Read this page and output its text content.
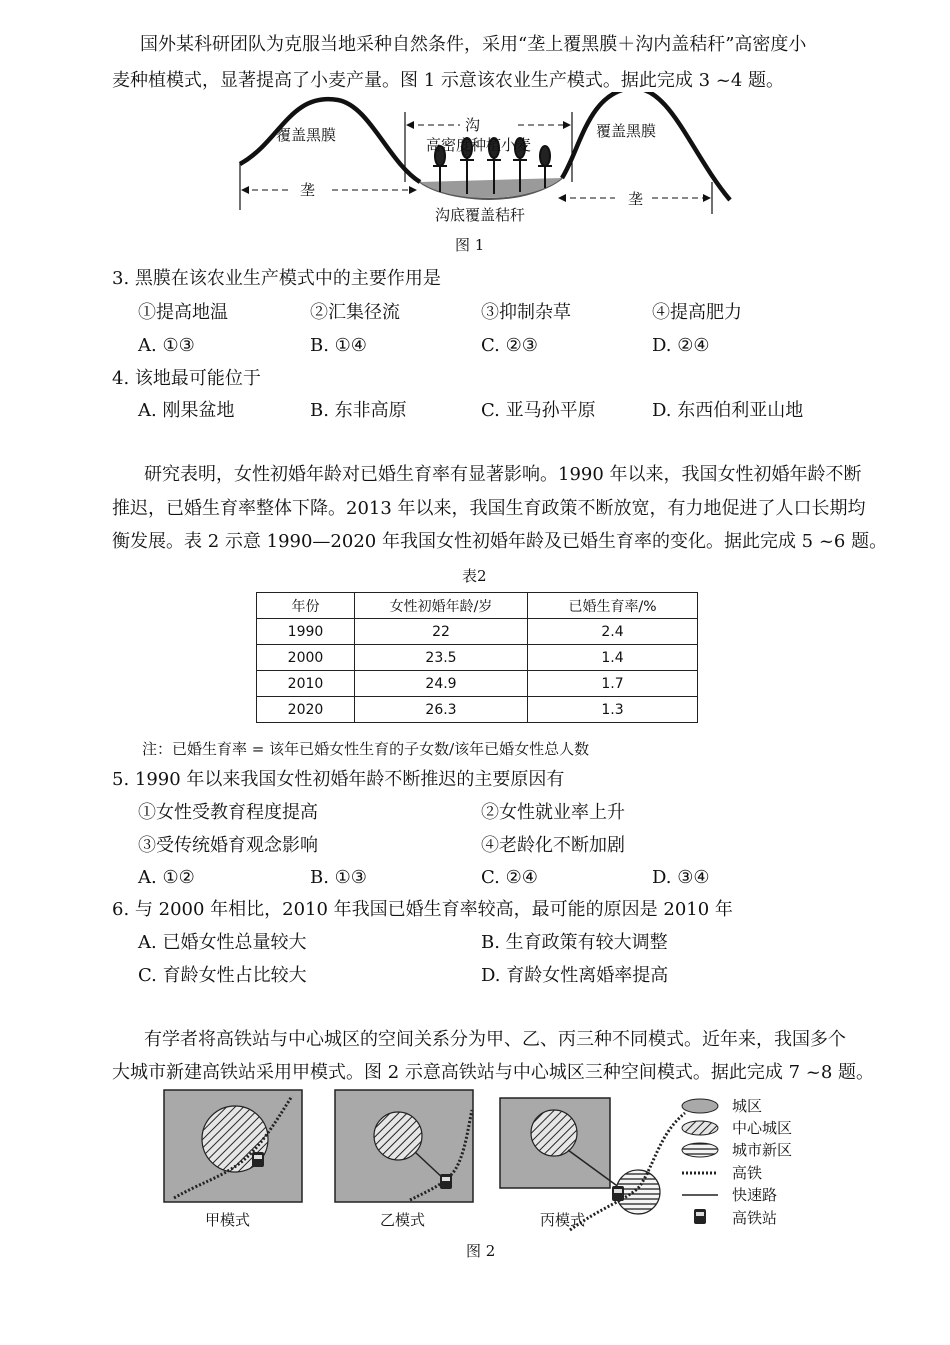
国外某科研团队为克服当地采种自然条件，采用“垄上覆黑膜＋沟内盖秸秆”高密度小
麦种植模式，显著提高了小麦产量。图 1 示意该农业生产模式。据此完成 3 ~4 题。
覆盖黑膜	覆盖黑膜
沟
高密度种植小麦
垄	垄
沟底覆盖秸秆
图 1
3. 黑膜在该农业生产模式中的主要作用是
①提高地温	②汇集径流	③抑制杂草	④提高肥力
A. ①③	B. ①④	C. ②③	D. ②④
4. 该地最可能位于
A. 刚果盆地	B. 东非高原	C. 亚马孙平原	D. 东西伯利亚山地
研究表明，女性初婚年龄对已婚生育率有显著影响。1990 年以来，我国女性初婚年龄不断
推迟，已婚生育率整体下降。2013 年以来，我国生育政策不断放宽，有力地促进了人口长期均
衡发展。表 2 示意 1990—2020 年我国女性初婚年龄及已婚生育率的变化。据此完成 5 ~6 题。
表2
年份	女性初婚年龄/岁	已婚生育率/%
1990	22	2.4
2000	23.5	1.4
2010	24.9	1.7
2020	26.3	1.3
注：已婚生育率 = 该年已婚女性生育的子女数/该年已婚女性总人数
5. 1990 年以来我国女性初婚年龄不断推迟的主要原因有
①女性受教育程度提高	②女性就业率上升
③受传统婚育观念影响	④老龄化不断加剧
A. ①②	B. ①③	C. ②④	D. ③④
6. 与 2000 年相比，2010 年我国已婚生育率较高，最可能的原因是 2010 年
A. 已婚女性总量较大	B. 生育政策有较大调整
C. 育龄女性占比较大	D. 育龄女性离婚率提高
有学者将高铁站与中心城区的空间关系分为甲、乙、丙三种不同模式。近年来，我国多个
大城市新建高铁站采用甲模式。图 2 示意高铁站与中心城区三种空间模式。据此完成 7 ~8 题。
城区
中心城区
城市新区
高铁
快速路
高铁站
甲模式	乙模式	丙模式
图 2
